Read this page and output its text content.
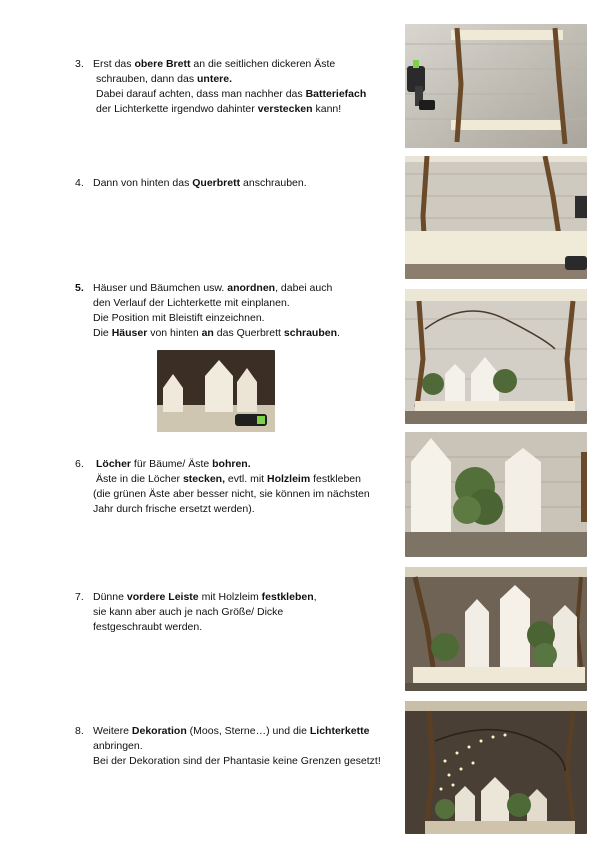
3. Erst das obere Brett an die seitlichen dickeren Äste
schrauben, dann das untere.
Dabei darauf achten, dass man nachher das Batteriefach
der Lichterkette irgendwo dahinter verstecken kann!
4. Dann von hinten das Querbrett anschrauben.
5. Häuser und Bäumchen usw. anordnen, dabei auch
den Verlauf der Lichterkette mit einplanen.
Die Position mit Bleistift einzeichnen.
Die Häuser von hinten an das Querbrett schrauben.
6. Löcher für Bäume/ Äste bohren.
Äste in die Löcher stecken, evtl. mit Holzleim festkleben
(die grünen Äste aber besser nicht, sie können im nächsten
Jahr durch frische ersetzt werden).
7. Dünne vordere Leiste mit Holzleim festkleben,
sie kann aber auch je nach Größe/ Dicke
festgeschraubt werden.
8. Weitere Dekoration (Moos, Sterne…) und die Lichterkette
anbringen.
Bei der Dekoration sind der Phantasie keine Grenzen gesetzt!
